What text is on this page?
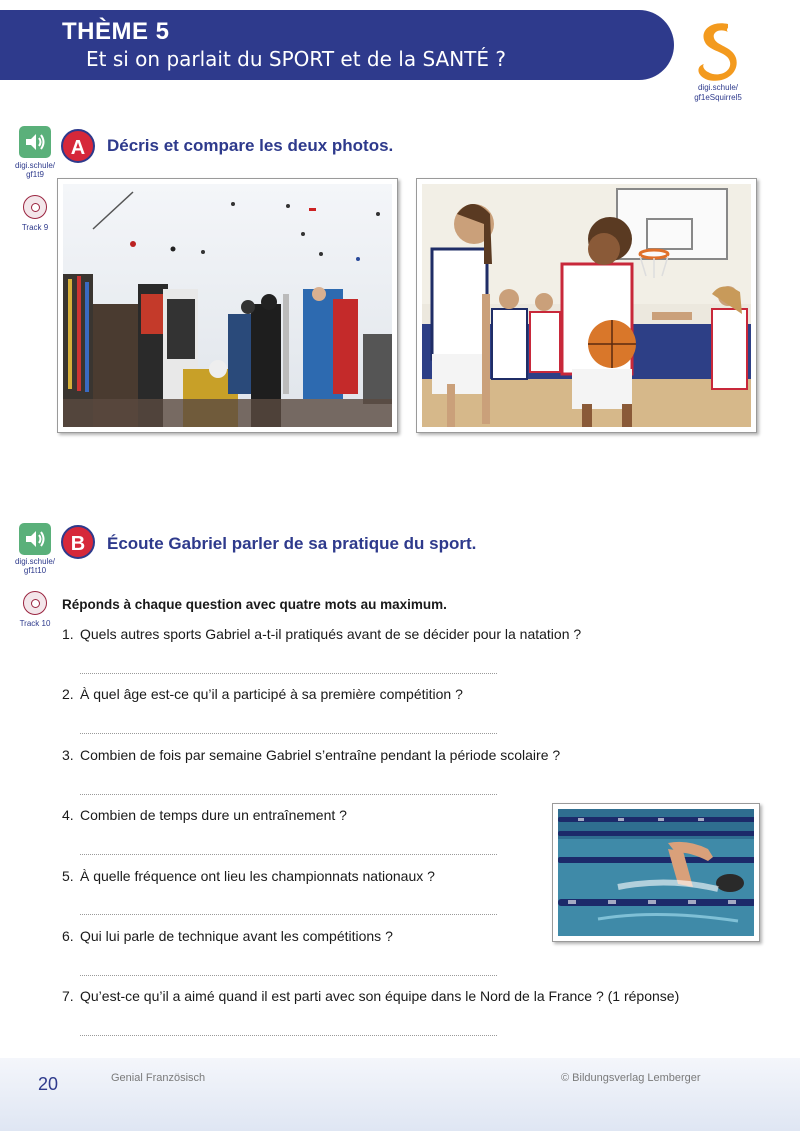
THÈME 5
Et si on parlait du SPORT et de la SANTÉ ?
digi.schule/ gf1eSquirrel5
digi.schule/ gf1t9
Track 9
A	Décris et compare les deux photos.
digi.schule/ gf1t10
Track 10
B	Écoute Gabriel parler de sa pratique du sport.
Réponds à chaque question avec quatre mots au maximum.
1. Quels autres sports Gabriel a-t-il pratiqués avant de se décider pour la natation ?
2. À quel âge est-ce qu’il a participé à sa première compétition ?
3. Combien de fois par semaine Gabriel s’entraîne pendant la période scolaire ?
4. Combien de temps dure un entraînement ?
5. À quelle fréquence ont lieu les championnats nationaux ?
6. Qui lui parle de technique avant les compétitions ?
7. Qu’est-ce qu’il a aimé quand il est parti avec son équipe dans le Nord de la France ? (1 réponse)
20	Genial Französisch	© Bildungsverlag Lemberger
